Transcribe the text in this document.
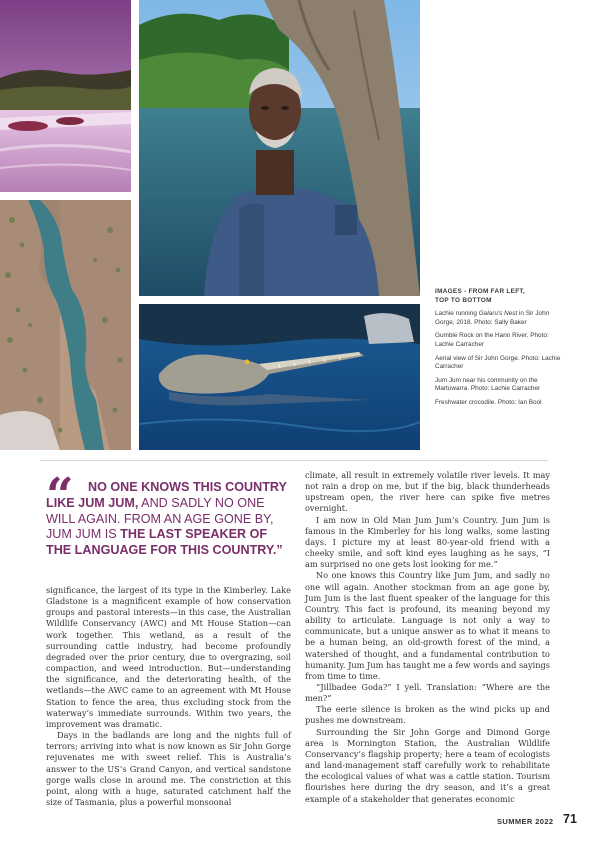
IMAGES - FROM FAR LEFT,
TOP TO BOTTOM
Lachie running Galaru's Nest in Sir John Gorge, 2018. Photo: Sally Baker
Gumble Rock on the Hann River. Photo: Lachie Carracher
Aerial view of Sir John Gorge. Photo: Lachie Carracher
Jum Jum near his community on the Martuwarra. Photo: Lachie Carracher
Freshwater crocodile. Photo: Ian Bool
“	NO ONE KNOWS THIS COUNTRY LIKE JUM JUM, AND SADLY NO ONE WILL AGAIN. FROM AN AGE GONE BY, JUM JUM IS THE LAST SPEAKER OF THE LANGUAGE FOR THIS COUNTRY.”

significance, the largest of its type in the Kimberley. Lake Gladstone is a magnificent example of how conservation groups and pastoral interests—in this case, the Australian Wildlife Conservancy (AWC) and Mt House Station—can work together. This wetland, as a result of the surrounding cattle industry, had become profoundly degraded over the prior century, due to overgrazing, soil compaction, and weed introduction. But—understanding the significance, and the deteriorating health, of the wetlands—the AWC came to an agreement with Mt House Station to fence the area, thus excluding stock from the waterway’s immediate surrounds. Within two years, the improvement was dramatic.

Days in the badlands are long and the nights full of terrors; arriving into what is now known as Sir John Gorge rejuvenates me with sweet relief. This is Australia’s answer to the US’s Grand Canyon, and vertical sandstone gorge walls close in around me. The constriction at this point, along with a huge, saturated catchment half the size of Tasmania, plus a powerful monsoonal

climate, all result in extremely volatile river levels. It may not rain a drop on me, but if the big, black thunderheads upstream open, the river here can spike five metres overnight.

I am now in Old Man Jum Jum’s Country. Jum Jum is famous in the Kimberley for his long walks, some lasting days. I picture my at least 80-year-old friend with a cheeky smile, and soft kind eyes laughing as he says, “I am surprised no one gets lost looking for me.”

No one knows this Country like Jum Jum, and sadly no one will again. Another stockman from an age gone by, Jum Jum is the last fluent speaker of the language for this Country. This fact is profound, its meaning beyond my ability to articulate. Language is not only a way to communicate, but a unique answer as to what it means to be a human being, an old-growth forest of the mind, a watershed of thought, and a fundamental contribution to humanity. Jum Jum has taught me a few words and sayings from time to time.

“Jillbadee Goda?” I yell. Translation: “Where are the men?”

The eerie silence is broken as the wind picks up and pushes me downstream.

Surrounding the Sir John Gorge and Dimond Gorge area is Mornington Station, the Australian Wildlife Conservancy’s flagship property; here a team of ecologists and land-management staff carefully work to rehabilitate the ecological values of what was a cattle station. Tourism flourishes here during the dry season, and it’s a great example of a stakeholder that generates economic

SUMMER 2022 71
